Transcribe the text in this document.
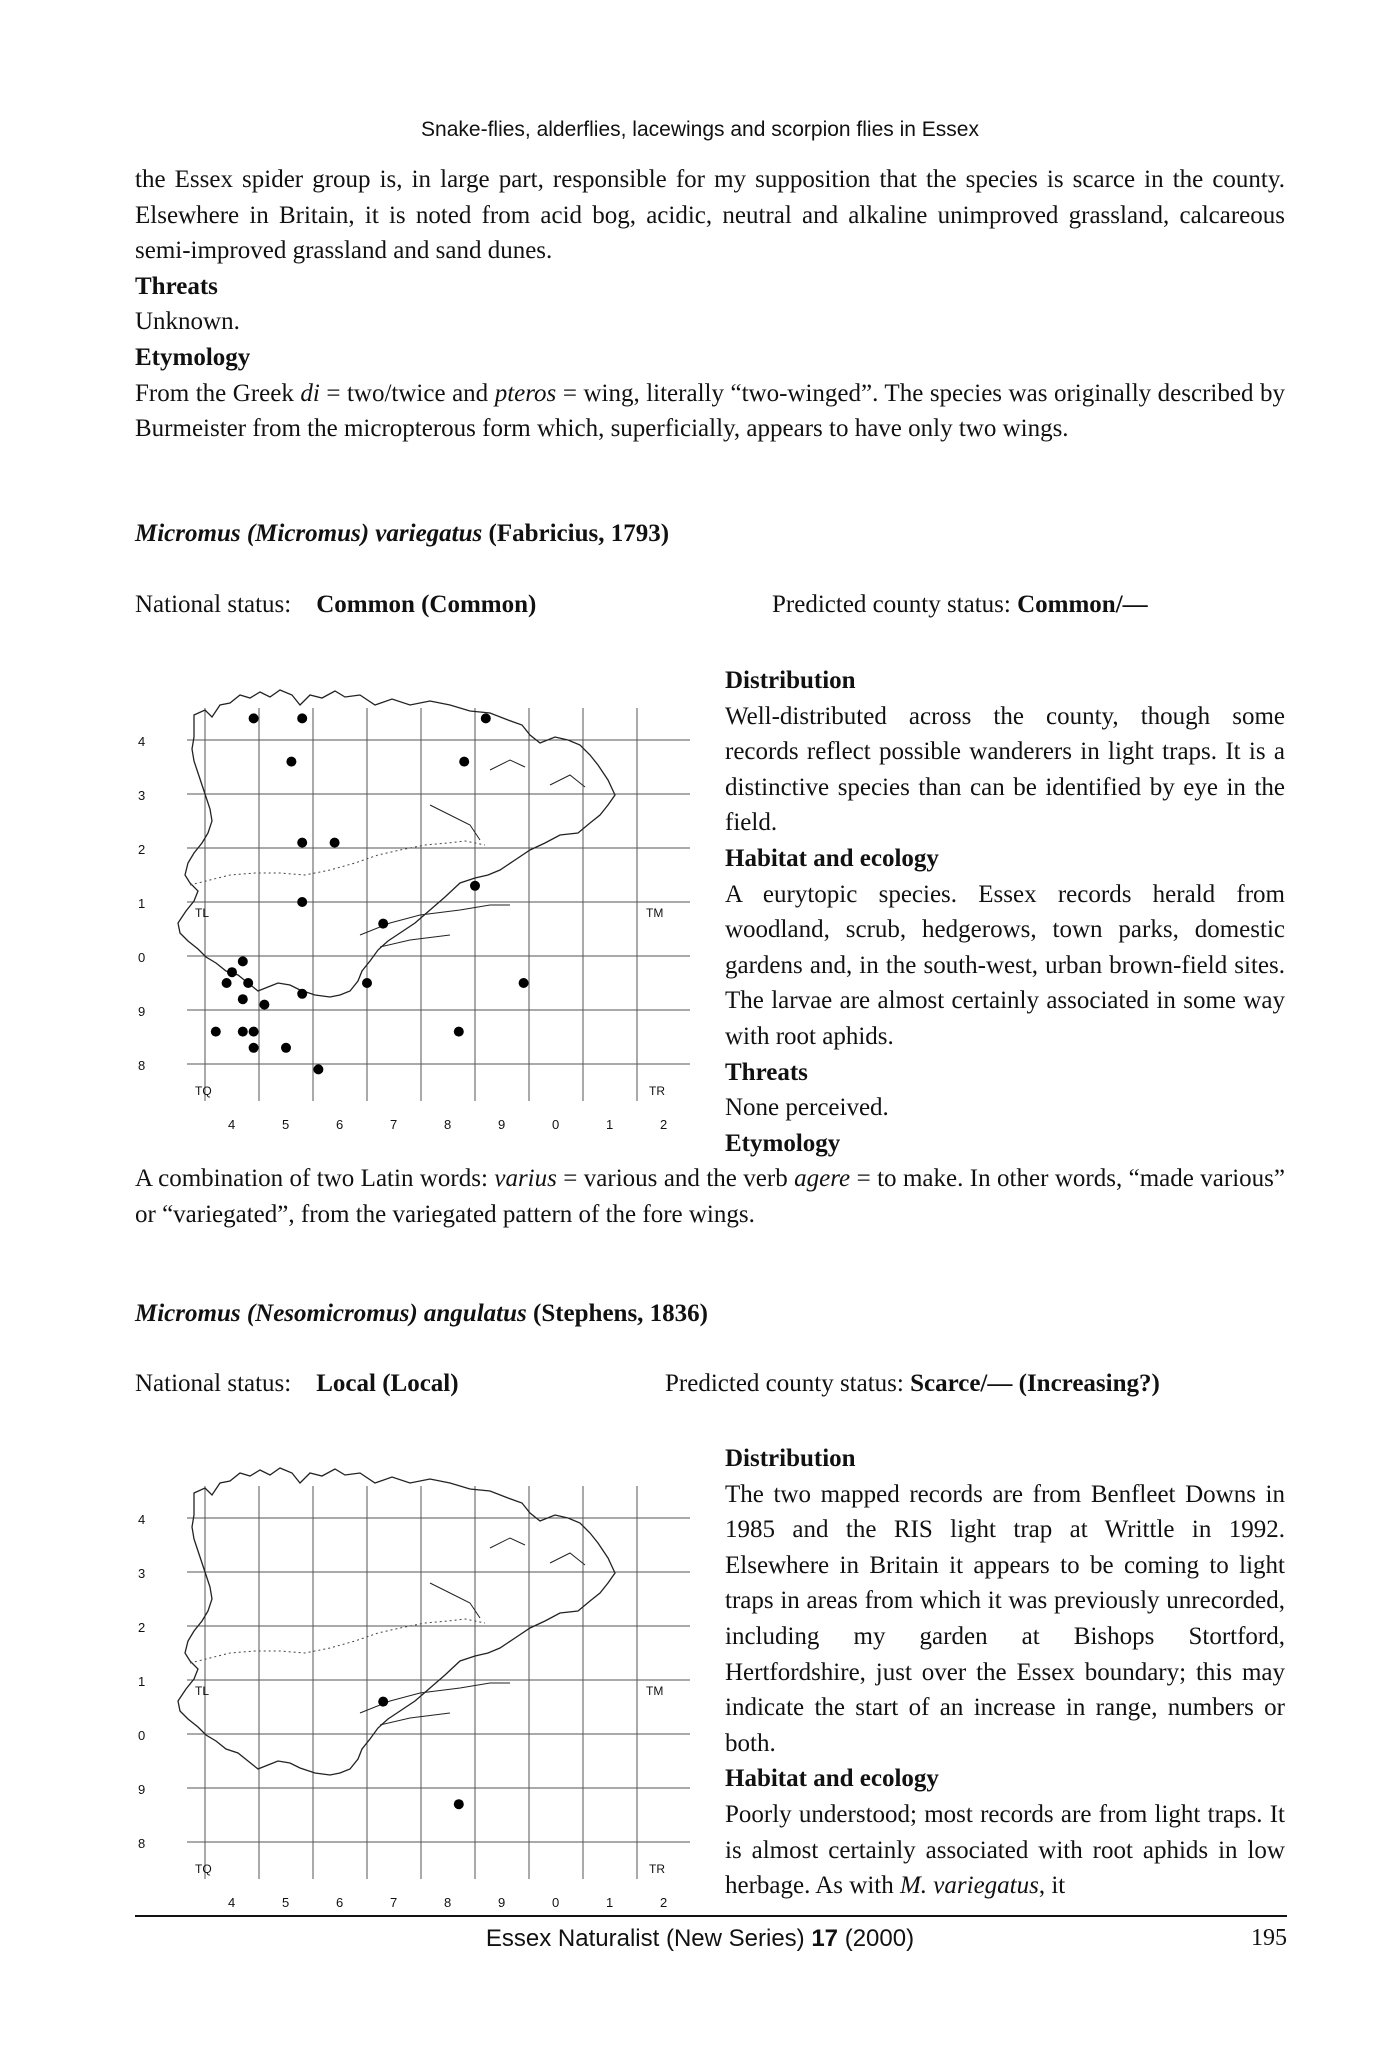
Snake-flies, alderflies, lacewings and scorpion flies in Essex

the Essex spider group is, in large part, responsible for my supposition that the species is scarce in the county. Elsewhere in Britain, it is noted from acid bog, acidic, neutral and alkaline unimproved grassland, calcareous semi-improved grassland and sand dunes.

Threats

Unknown.

Etymology

From the Greek di = two/twice and pteros = wing, literally “two-winged”. The species was originally described by Burmeister from the micropterous form which, superficially, appears to have only two wings.

Micromus (Micromus) variegatus (Fabricius, 1793)
National status: Common (Common)	Predicted county status: Common/—
4
3
2
1
0
9
8
4	5	6	7	8	9	0	1	2
TL	TM
TQ	TR

Distribution

Well-distributed across the county, though some records reflect possible wanderers in light traps. It is a distinctive species than can be identified by eye in the field.

Habitat and ecology

A eurytopic species. Essex records herald from woodland, scrub, hedgerows, town parks, domestic gardens and, in the south-west, urban brown-field sites. The larvae are almost certainly associated in some way with root aphids.

Threats

None perceived.

Etymology

A combination of two Latin words: varius = various and the verb agere = to make. In other words, “made various” or “variegated”, from the variegated pattern of the fore wings.

Micromus (Nesomicromus) angulatus (Stephens, 1836)
National status: Local (Local)	Predicted county status: Scarce/— (Increasing?)
4
3
2
1
0
9
8
4	5	6	7	8	9	0	1	2
TL	TM
TQ	TR

Distribution

The two mapped records are from Benfleet Downs in 1985 and the RIS light trap at Writtle in 1992. Elsewhere in Britain it appears to be coming to light traps in areas from which it was previously unrecorded, including my garden at Bishops Stortford, Hertfordshire, just over the Essex boundary; this may indicate the start of an increase in range, numbers or both.

Habitat and ecology

Poorly understood; most records are from light traps. It is almost certainly associated with root aphids in low herbage. As with M. variegatus, it

Essex Naturalist (New Series) 17 (2000)	195
